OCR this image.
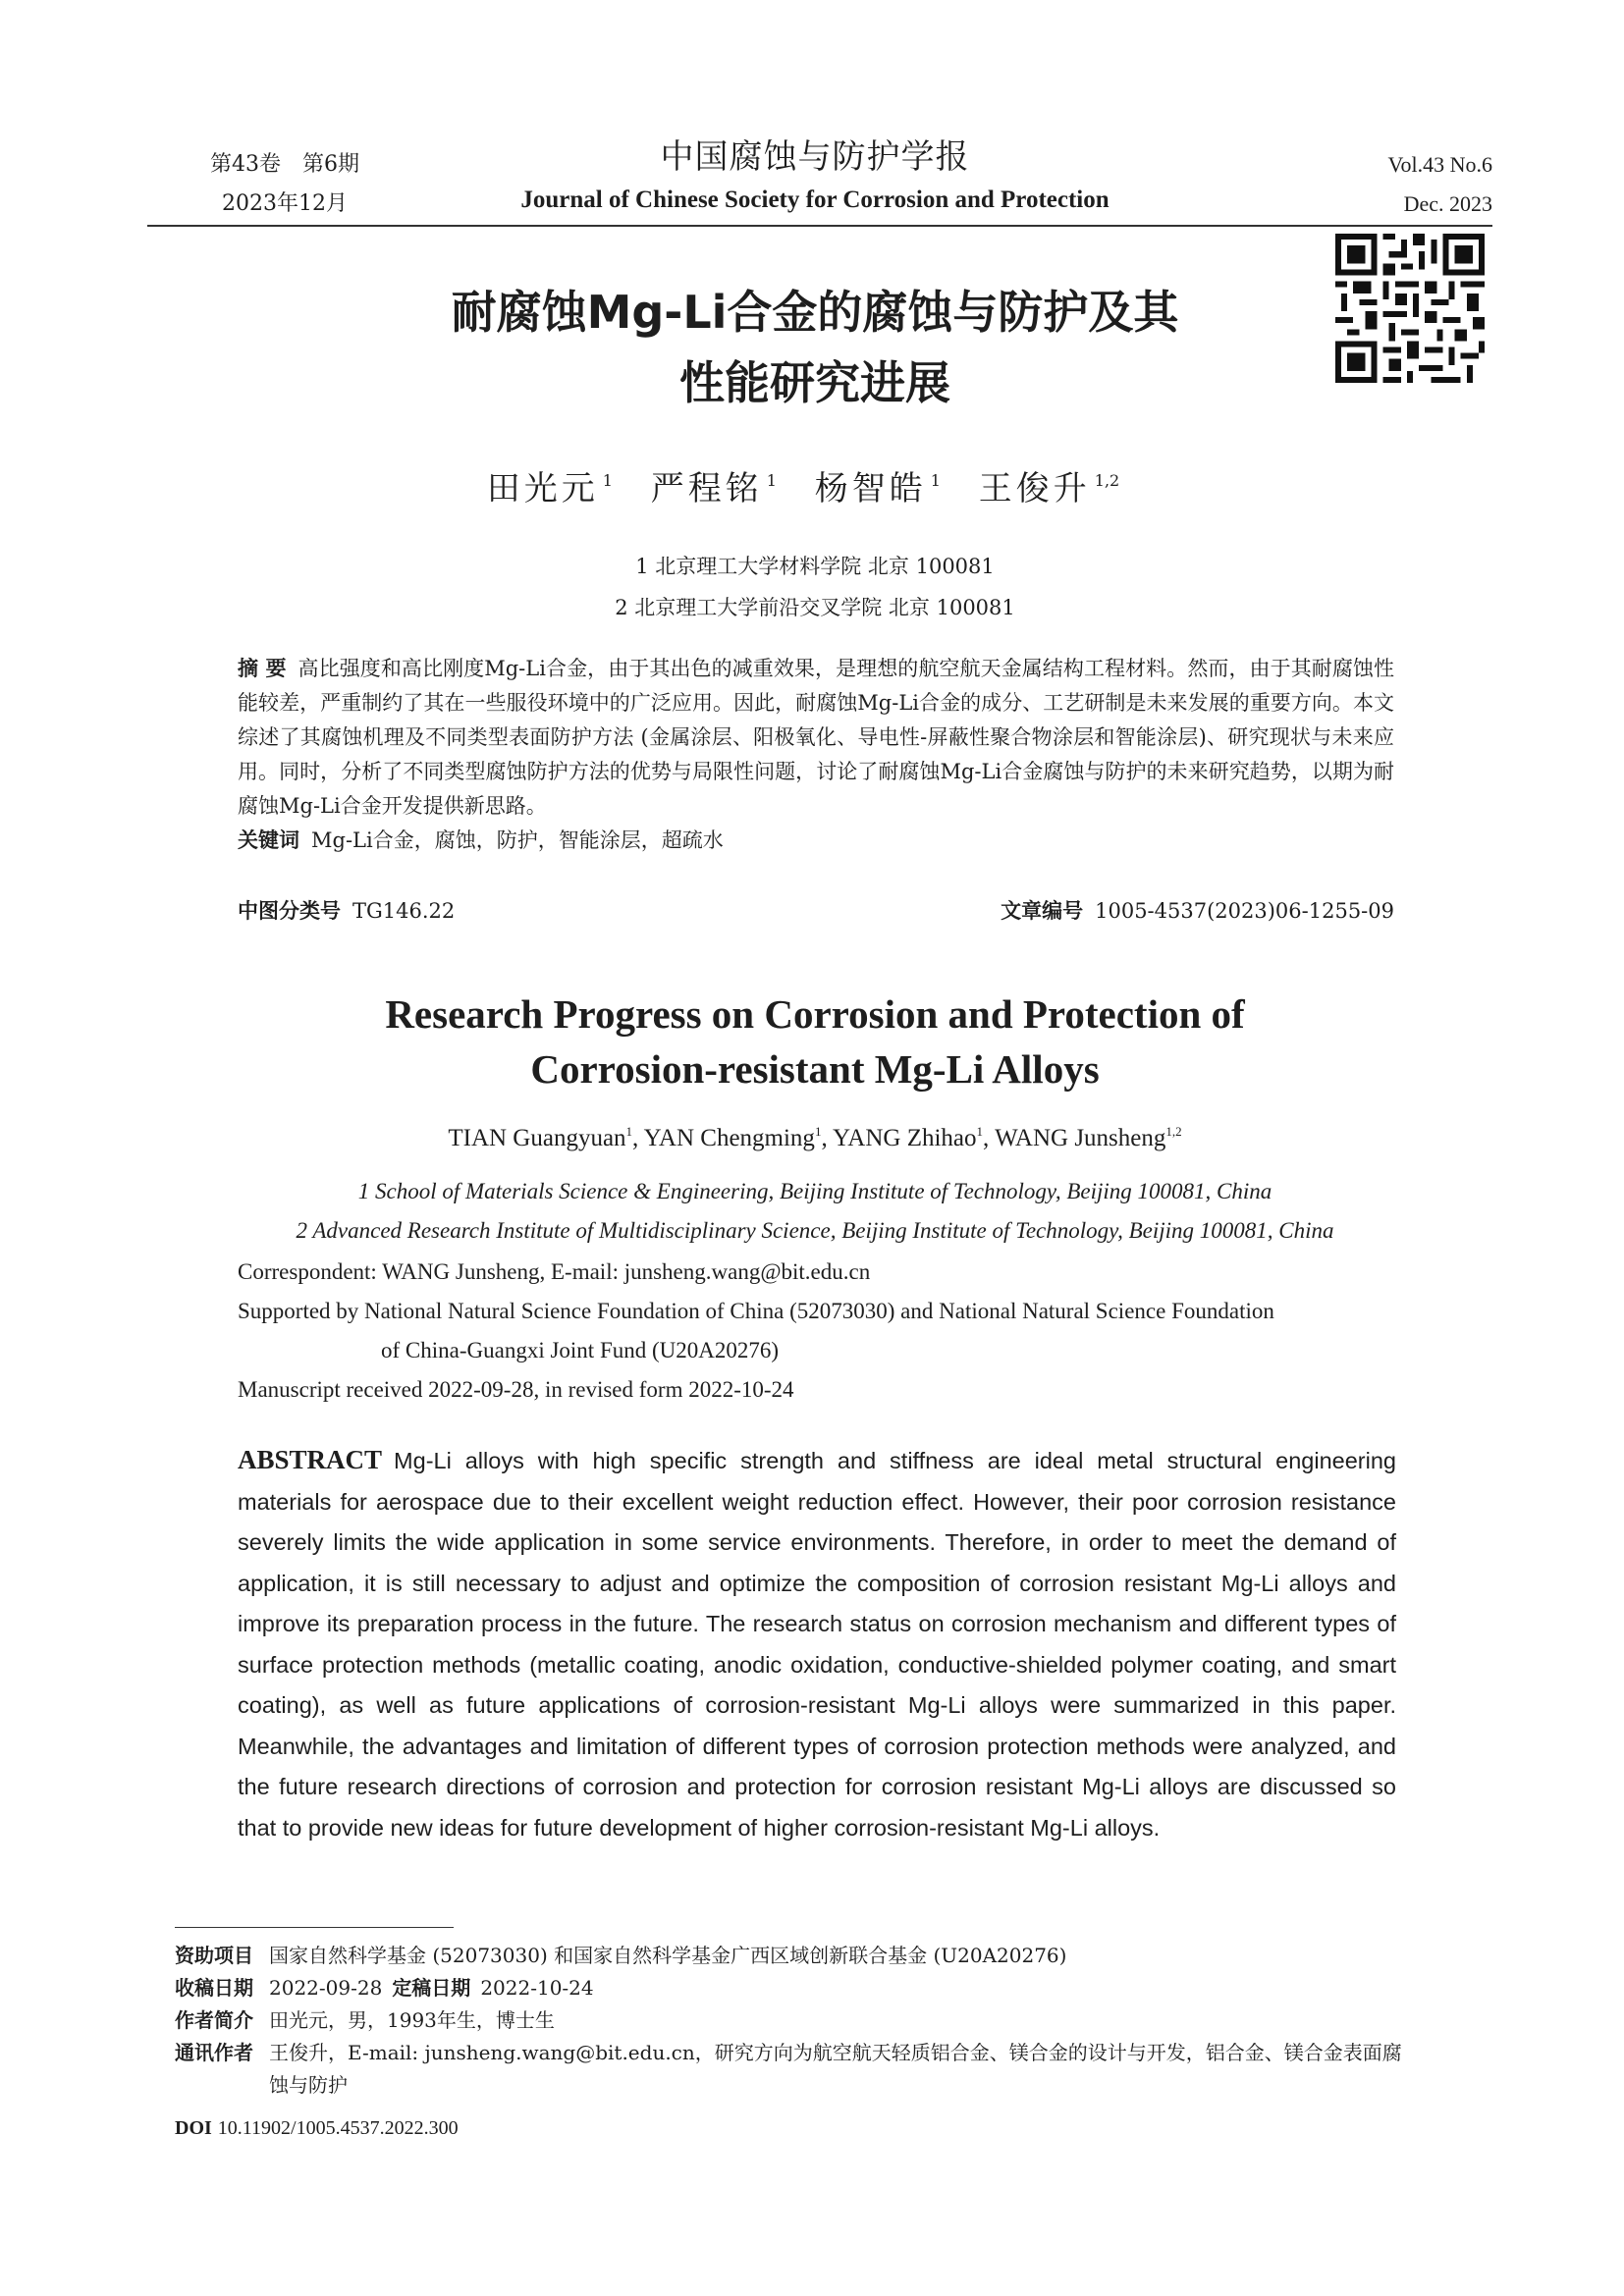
第43卷　第6期
2023年12月
中国腐蚀与防护学报
Journal of Chinese Society for Corrosion and Protection
Vol.43 No.6
Dec. 2023
耐腐蚀Mg-Li合金的腐蚀与防护及其
性能研究进展
田光元 $^1$ 严程铭 $^1$ 杨智皓 $^1$ 王俊升 $^{1,2}$
1 北京理工大学材料学院 北京 100081
2 北京理工大学前沿交叉学院 北京 100081
摘 要 高比强度和高比刚度Mg-Li合金，由于其出色的减重效果，是理想的航空航天金属结构工程材料。然而，由于其耐腐蚀性能较差，严重制约了其在一些服役环境中的广泛应用。因此，耐腐蚀Mg-Li合金的成分、工艺研制是未来发展的重要方向。本文综述了其腐蚀机理及不同类型表面防护方法 (金属涂层、阳极氧化、导电性-屏蔽性聚合物涂层和智能涂层)、研究现状与未来应用。同时，分析了不同类型腐蚀防护方法的优势与局限性问题，讨论了耐腐蚀Mg-Li合金腐蚀与防护的未来研究趋势，以期为耐腐蚀Mg-Li合金开发提供新思路。
关键词 Mg-Li合金，腐蚀，防护，智能涂层，超疏水
中图分类号 TG146.22	文章编号 1005-4537(2023)06-1255-09
Research Progress on Corrosion and Protection of
Corrosion-resistant Mg-Li Alloys
TIAN Guangyuan$^1$, YAN Chengming$^1$, YANG Zhihao$^1$, WANG Junsheng$^{1,2}$
1 School of Materials Science & Engineering, Beijing Institute of Technology, Beijing 100081, China
2 Advanced Research Institute of Multidisciplinary Science, Beijing Institute of Technology, Beijing 100081, China
Correspondent: WANG Junsheng, E-mail: junsheng.wang@bit.edu.cn
Supported by National Natural Science Foundation of China (52073030) and National Natural Science Foundation
of China-Guangxi Joint Fund (U20A20276)
Manuscript received 2022-09-28, in revised form 2022-10-24
ABSTRACT Mg-Li alloys with high specific strength and stiffness are ideal metal structural engineering materials for aerospace due to their excellent weight reduction effect. However, their poor corrosion resistance severely limits the wide application in some service environments. Therefore, in order to meet the demand of application, it is still necessary to adjust and optimize the composition of corrosion resistant Mg-Li alloys and improve its preparation process in the future. The research status on corrosion mechanism and different types of surface protection methods (metallic coating, anodic oxidation, conductive-shielded polymer coating, and smart coating), as well as future applications of corrosion-resistant Mg-Li alloys were summarized in this paper. Meanwhile, the advantages and limitation of different types of corrosion protection methods were analyzed, and the future research directions of corrosion and protection for corrosion resistant Mg-Li alloys are discussed so that to provide new ideas for future development of higher corrosion-resistant Mg-Li alloys.
资助项目 国家自然科学基金 (52073030) 和国家自然科学基金广西区域创新联合基金 (U20A20276)
收稿日期 2022-09-28 定稿日期 2022-10-24
作者简介 田光元，男，1993年生，博士生
通讯作者 王俊升，E-mail: junsheng.wang@bit.edu.cn，研究方向为航空航天轻质铝合金、镁合金的设计与开发，铝合金、镁合金表面腐蚀与防护
DOI 10.11902/1005.4537.2022.300
